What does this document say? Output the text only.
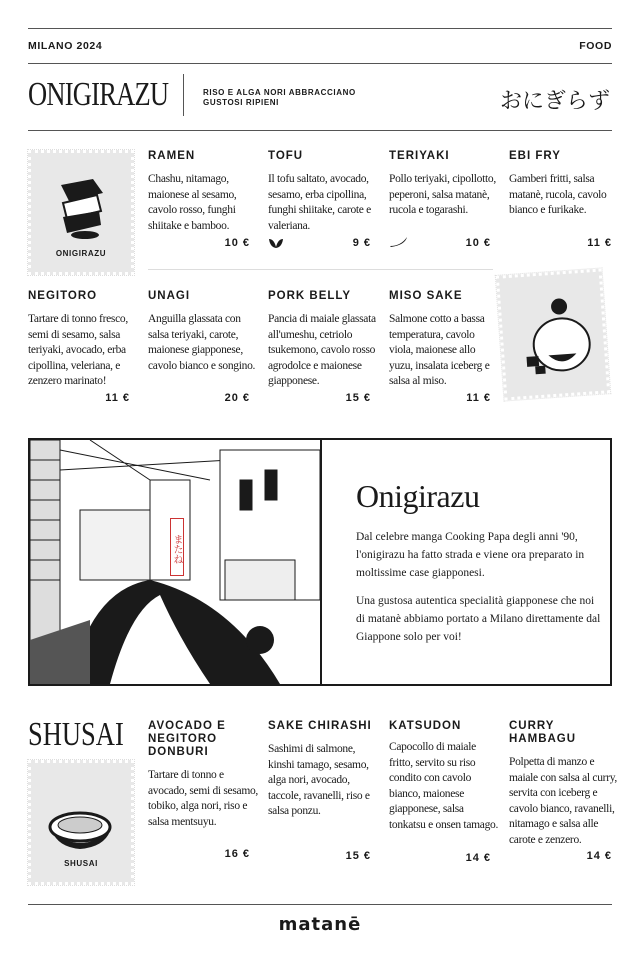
MILANO 2024	FOOD
ONIGIRAZU	RISO E ALGA NORI ABBRACCIANO
GUSTOSI RIPIENI	おにぎらず
ONIGIRAZU
RAMEN

Chashu, nitamago, maionese al sesamo, cavolo rosso, funghi shiitake e bamboo.

10 €
TOFU

Il tofu saltato, avocado, sesamo, erba cipollina, funghi shiitake, carote e valeriana.

9 €
TERIYAKI

Pollo teriyaki, cipollotto, peperoni, salsa matanè, rucola e togarashi.

10 €
EBI FRY

Gamberi fritti, salsa matanè, rucola, cavolo bianco e furikake.

11 €
NEGITORO

Tartare di tonno fresco, semi di sesamo, salsa teriyaki, avocado, erba cipollina, veleriana, e zenzero marinato!

11 €
UNAGI

Anguilla glassata con salsa teriyaki, carote, maionese giapponese, cavolo bianco e songino.

20 €
PORK BELLY

Pancia di maiale glassata all'umeshu, cetriolo tsukemono, cavolo rosso agrodolce e maionese giapponese.

15 €
MISO SAKE

Salmone cotto a bassa temperatura, cavolo viola, maionese allo yuzu, insalata iceberg e salsa al miso.

11 €
またね
Onigirazu

Dal celebre manga Cooking Papa degli anni '90, l'onigirazu ha fatto strada e viene ora preparato in moltissime case giapponesi.

Una gustosa autentica specialità giapponese che noi di matanè abbiamo portato a Milano direttamente dal Giappone solo per voi!

SHUSAI
SHUSAI
AVOCADO E NEGITORO DONBURI

Tartare di tonno e avocado, semi di sesamo, tobiko, alga nori, riso e salsa mentsuyu.

16 €
SAKE CHIRASHI

Sashimi di salmone, kinshi tamago, sesamo, alga nori, avocado, taccole, ravanelli, riso e salsa ponzu.

15 €
KATSUDON

Capocollo di maiale fritto, servito su riso condito con cavolo bianco, maionese giapponese, salsa tonkatsu e onsen tamago.

14 €
CURRY HAMBAGU

Polpetta di manzo e maiale con salsa al curry, servita con iceberg e cavolo bianco, ravanelli, nitamago e salsa alle carote e zenzero.

14 €
matanē
